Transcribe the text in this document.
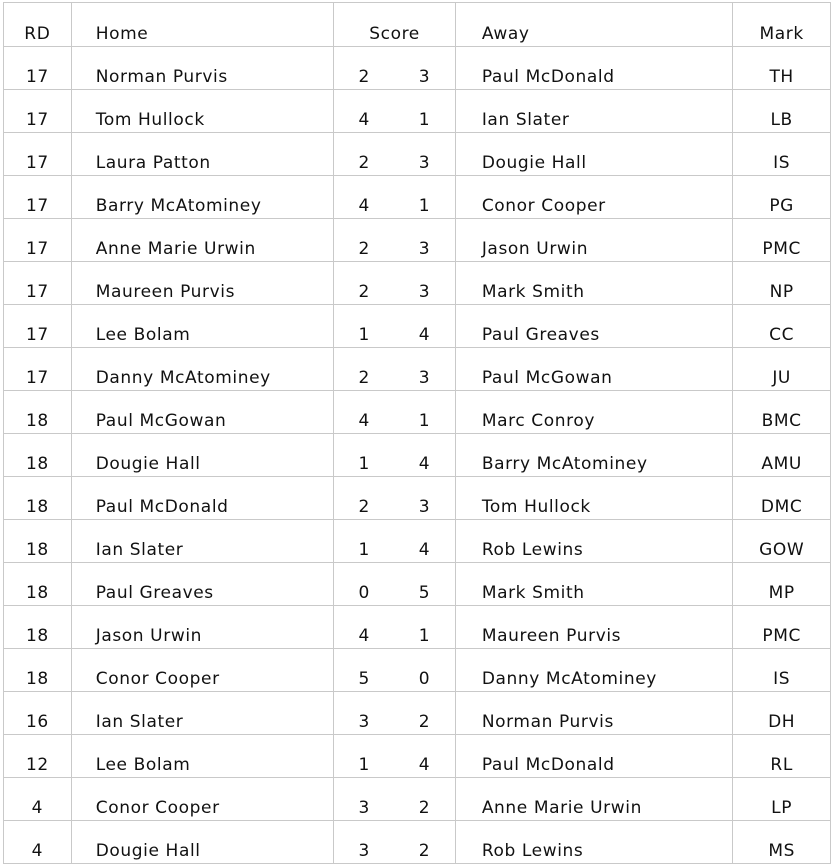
RD	Home	Score		Away	Mark
17	Norman Purvis	2	3	Paul McDonald	TH
17	Tom Hullock	4	1	Ian Slater	LB
17	Laura Patton	2	3	Dougie Hall	IS
17	Barry McAtominey	4	1	Conor Cooper	PG
17	Anne Marie Urwin	2	3	Jason Urwin	PMC
17	Maureen Purvis	2	3	Mark Smith	NP
17	Lee Bolam	1	4	Paul Greaves	CC
17	Danny McAtominey	2	3	Paul McGowan	JU
18	Paul McGowan	4	1	Marc Conroy	BMC
18	Dougie Hall	1	4	Barry McAtominey	AMU
18	Paul McDonald	2	3	Tom Hullock	DMC
18	Ian Slater	1	4	Rob Lewins	GOW
18	Paul Greaves	0	5	Mark Smith	MP
18	Jason Urwin	4	1	Maureen Purvis	PMC
18	Conor Cooper	5	0	Danny McAtominey	IS
16	Ian Slater	3	2	Norman Purvis	DH
12	Lee Bolam	1	4	Paul McDonald	RL
4	Conor Cooper	3	2	Anne Marie Urwin	LP
4	Dougie Hall	3	2	Rob Lewins	MS
